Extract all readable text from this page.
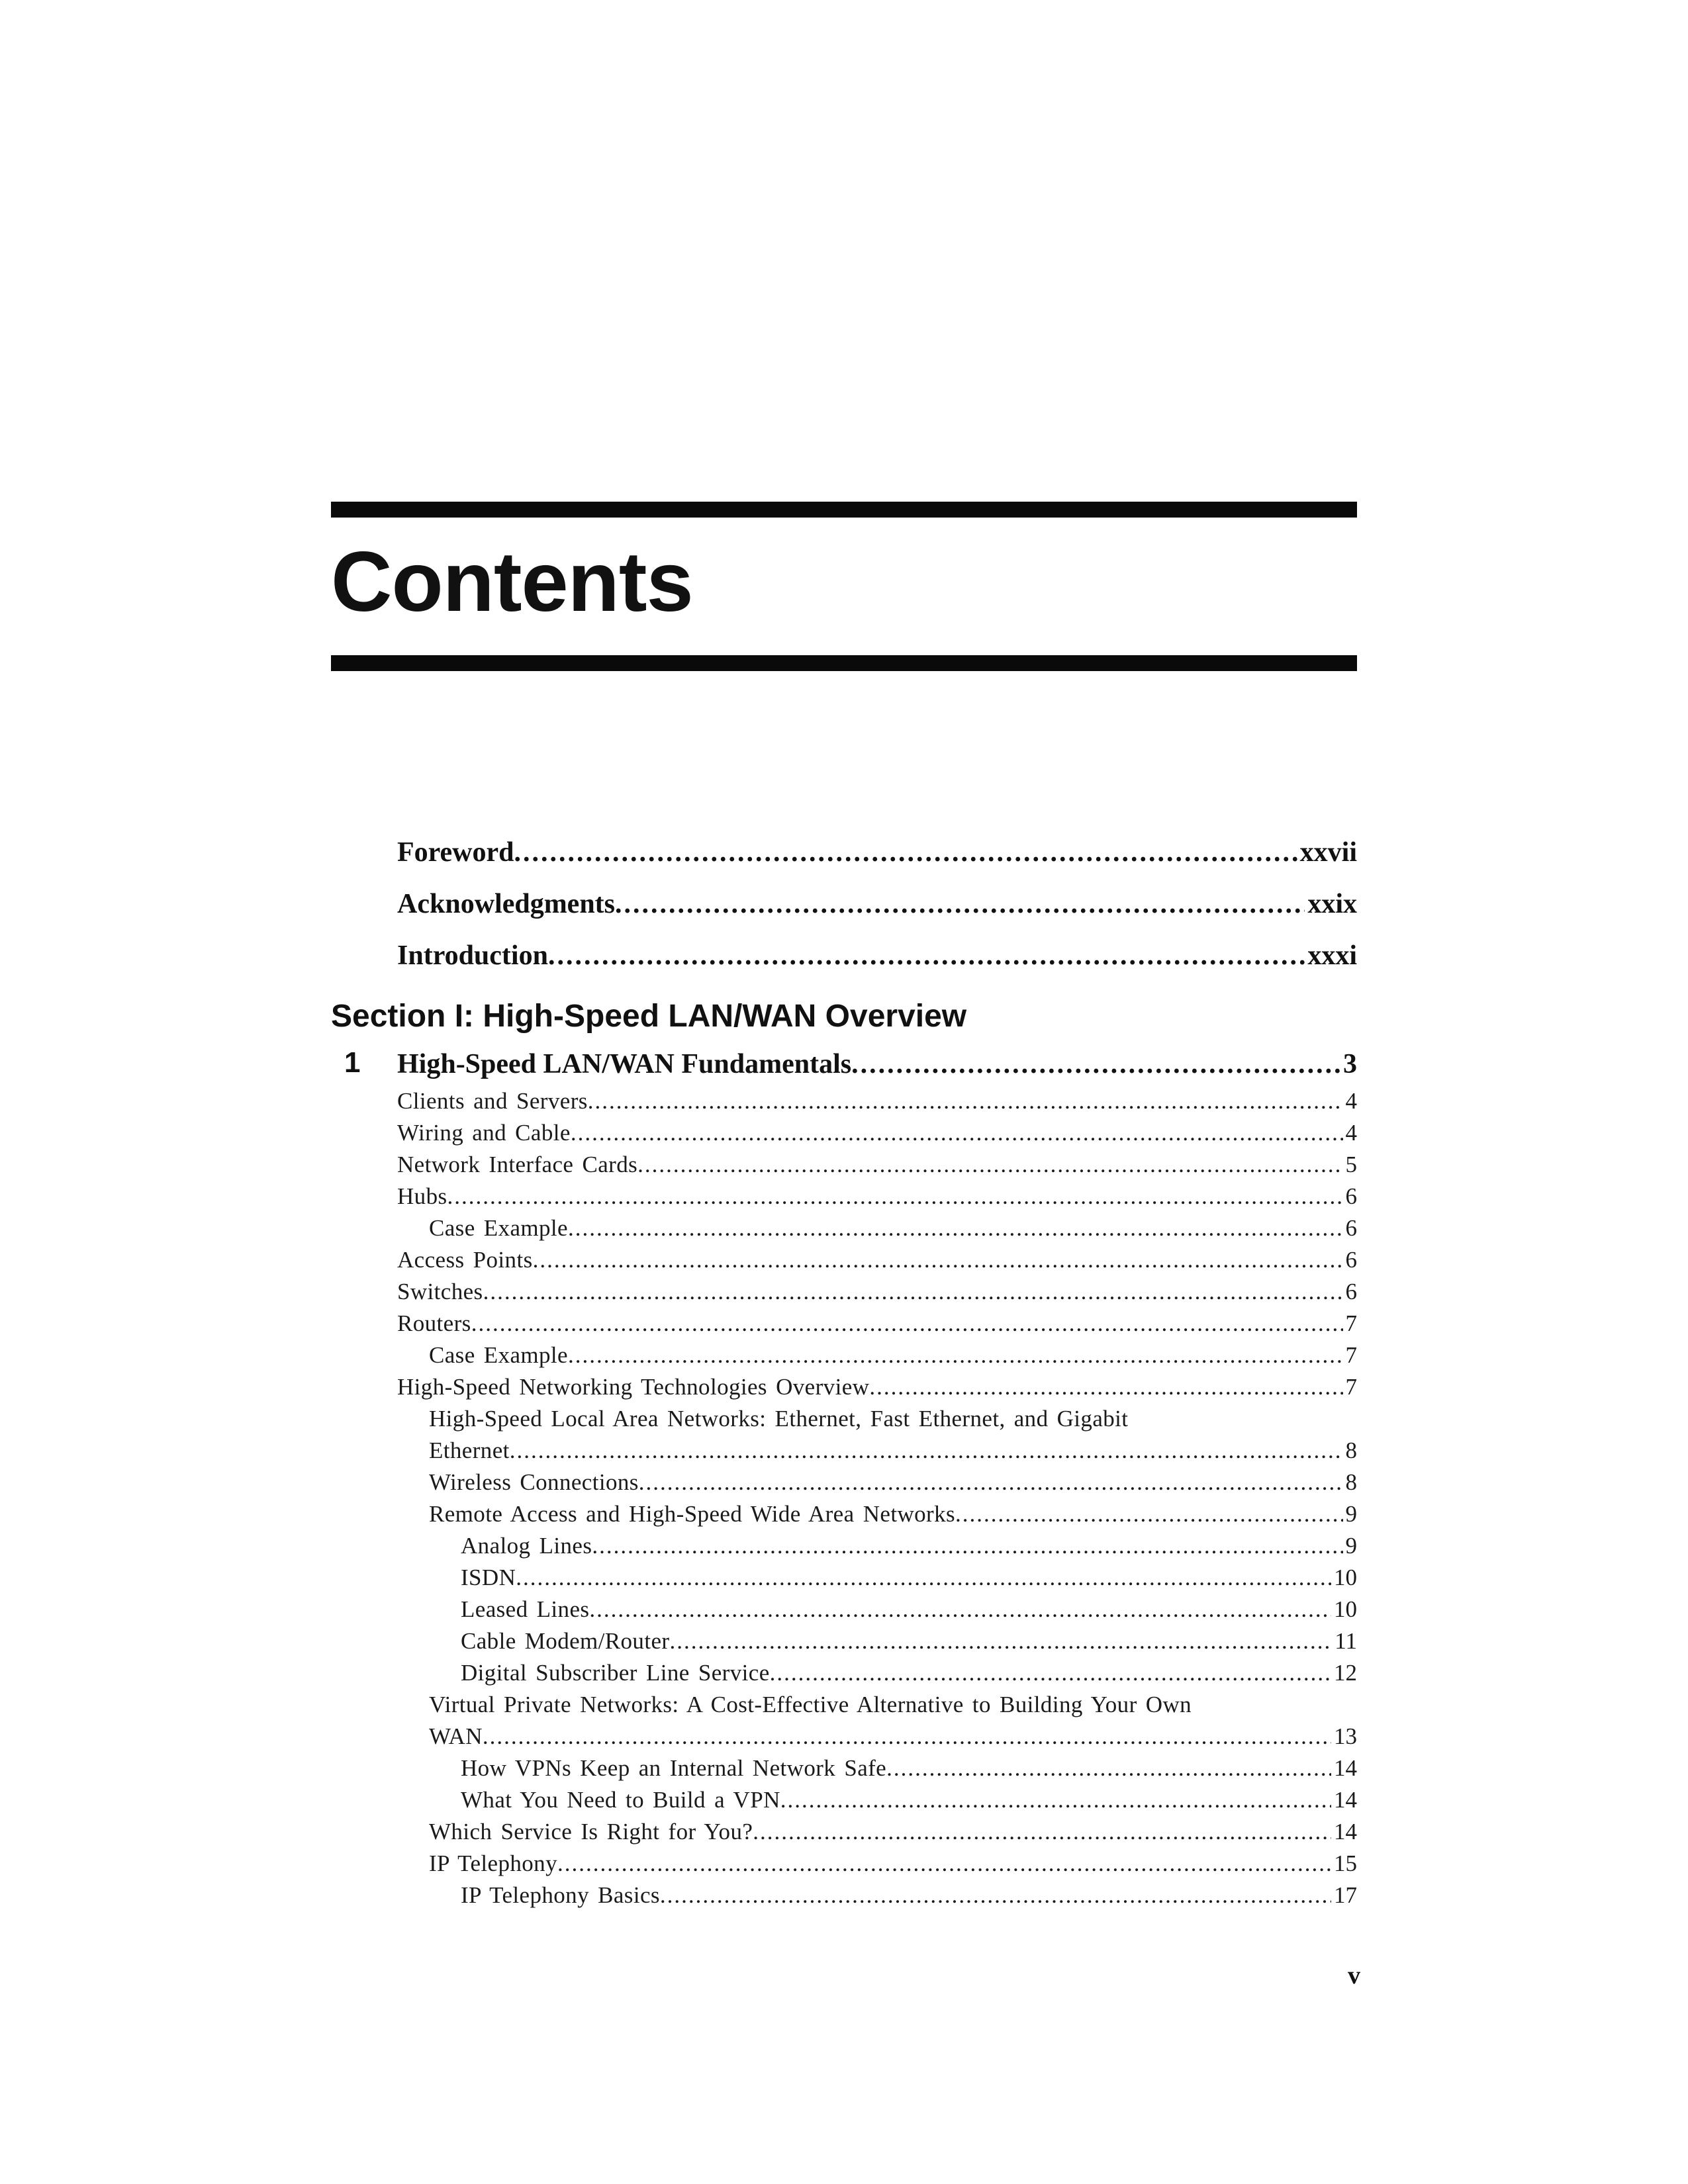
Contents
Foreword .....	xxvii
Acknowledgments .....	xxix
Introduction .....	xxxi
Section I: High-Speed LAN/WAN Overview
1 High-Speed LAN/WAN Fundamentals .....	3
Clients and Servers .....	4
Wiring and Cable .....	4
Network Interface Cards .....	5
Hubs .....	6
Case Example .....	6
Access Points .....	6
Switches .....	6
Routers .....	7
Case Example .....	7
High-Speed Networking Technologies Overview .....	7
High-Speed Local Area Networks: Ethernet, Fast Ethernet, and Gigabit
Ethernet .....	8
Wireless Connections .....	8
Remote Access and High-Speed Wide Area Networks .....	9
Analog Lines .....	9
ISDN .....	10
Leased Lines .....	10
Cable Modem/Router .....	11
Digital Subscriber Line Service .....	12
Virtual Private Networks: A Cost-Effective Alternative to Building Your Own
WAN .....	13
How VPNs Keep an Internal Network Safe .....	14
What You Need to Build a VPN .....	14
Which Service Is Right for You? .....	14
IP Telephony .....	15
IP Telephony Basics .....	17
v
